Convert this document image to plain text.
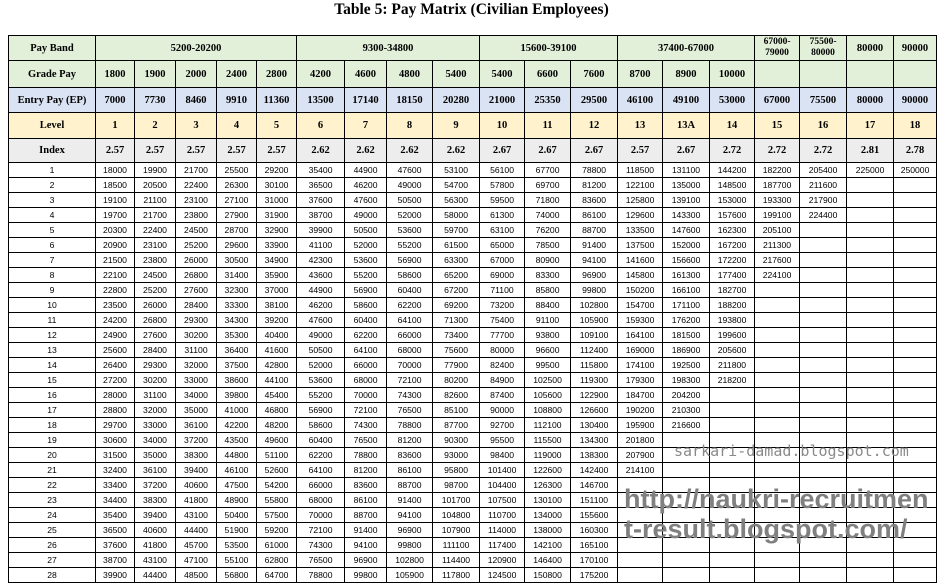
Table 5: Pay Matrix (Civilian Employees)
Pay Band	5200-20200					9300-34800				15600-39100			37400-67000			67000-79000	75500-80000	80000	90000
Grade Pay	1800	1900	2000	2400	2800	4200	4600	4800	5400	5400	6600	7600	8700	8900	10000				
Entry Pay (EP)	7000	7730	8460	9910	11360	13500	17140	18150	20280	21000	25350	29500	46100	49100	53000	67000	75500	80000	90000
Level	1	2	3	4	5	6	7	8	9	10	11	12	13	13A	14	15	16	17	18
Index	2.57	2.57	2.57	2.57	2.57	2.62	2.62	2.62	2.62	2.67	2.67	2.67	2.57	2.67	2.72	2.72	2.72	2.81	2.78
1	18000	19900	21700	25500	29200	35400	44900	47600	53100	56100	67700	78800	118500	131100	144200	182200	205400	225000	250000
2	18500	20500	22400	26300	30100	36500	46200	49000	54700	57800	69700	81200	122100	135000	148500	187700	211600		
3	19100	21100	23100	27100	31000	37600	47600	50500	56300	59500	71800	83600	125800	139100	153000	193300	217900		
4	19700	21700	23800	27900	31900	38700	49000	52000	58000	61300	74000	86100	129600	143300	157600	199100	224400		
5	20300	22400	24500	28700	32900	39900	50500	53600	59700	63100	76200	88700	133500	147600	162300	205100			
6	20900	23100	25200	29600	33900	41100	52000	55200	61500	65000	78500	91400	137500	152000	167200	211300			
7	21500	23800	26000	30500	34900	42300	53600	56900	63300	67000	80900	94100	141600	156600	172200	217600			
8	22100	24500	26800	31400	35900	43600	55200	58600	65200	69000	83300	96900	145800	161300	177400	224100			
9	22800	25200	27600	32300	37000	44900	56900	60400	67200	71100	85800	99800	150200	166100	182700				
10	23500	26000	28400	33300	38100	46200	58600	62200	69200	73200	88400	102800	154700	171100	188200				
11	24200	26800	29300	34300	39200	47600	60400	64100	71300	75400	91100	105900	159300	176200	193800				
12	24900	27600	30200	35300	40400	49000	62200	66000	73400	77700	93800	109100	164100	181500	199600				
13	25600	28400	31100	36400	41600	50500	64100	68000	75600	80000	96600	112400	169000	186900	205600				
14	26400	29300	32000	37500	42800	52000	66000	70000	77900	82400	99500	115800	174100	192500	211800				
15	27200	30200	33000	38600	44100	53600	68000	72100	80200	84900	102500	119300	179300	198300	218200				
16	28000	31100	34000	39800	45400	55200	70000	74300	82600	87400	105600	122900	184700	204200					
17	28800	32000	35000	41000	46800	56900	72100	76500	85100	90000	108800	126600	190200	210300					
18	29700	33000	36100	42200	48200	58600	74300	78800	87700	92700	112100	130400	195900	216600					
19	30600	34000	37200	43500	49600	60400	76500	81200	90300	95500	115500	134300	201800						
20	31500	35000	38300	44800	51100	62200	78800	83600	93000	98400	119000	138300	207900						
21	32400	36100	39400	46100	52600	64100	81200	86100	95800	101400	122600	142400	214100						
22	33400	37200	40600	47500	54200	66000	83600	88700	98700	104400	126300	146700							
23	34400	38300	41800	48900	55800	68000	86100	91400	101700	107500	130100	151100							
24	35400	39400	43100	50400	57500	70000	88700	94100	104800	110700	134000	155600							
25	36500	40600	44400	51900	59200	72100	91400	96900	107900	114000	138000	160300							
26	37600	41800	45700	53500	61000	74300	94100	99800	111100	117400	142100	165100							
27	38700	43100	47100	55100	62800	76500	96900	102800	114400	120900	146400	170100							
28	39900	44400	48500	56800	64700	78800	99800	105900	117800	124500	150800	175200							
sarkari-damad.blogspot.com
http://naukri-recruitment-result.blogspot.com/
